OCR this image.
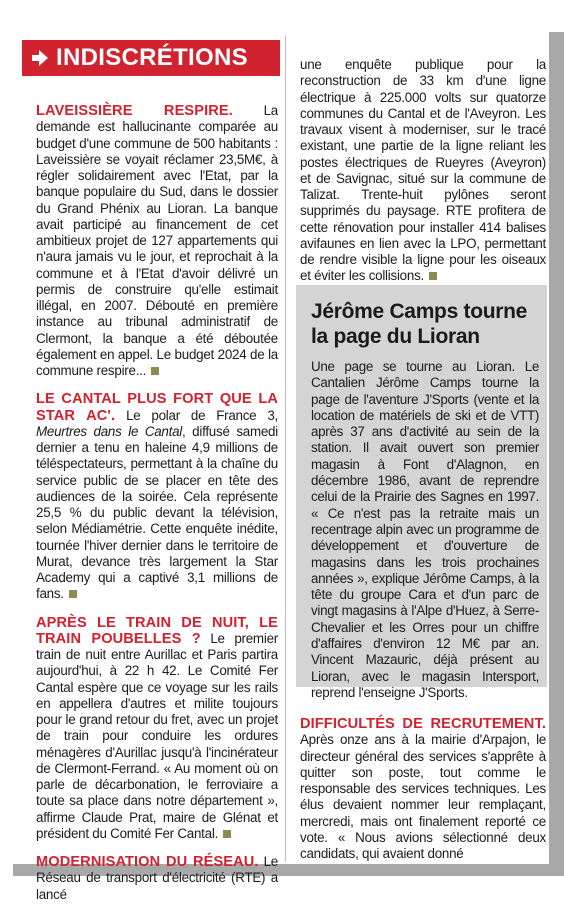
INDISCRÉTIONS

LAVEISSIÈRE RESPIRE. La demande est hallucinante comparée au budget d'une commune de 500 habitants : Laveissière se voyait réclamer 23,5M€, à régler solidairement avec l'Etat, par la banque populaire du Sud, dans le dossier du Grand Phénix au Lioran. La banque avait participé au financement de cet ambitieux projet de 127 appartements qui n'aura jamais vu le jour, et reprochait à la commune et à l'Etat d'avoir délivré un permis de construire qu'elle estimait illégal, en 2007. Débouté en première instance au tribunal administratif de Clermont, la banque a été déboutée également en appel. Le budget 2024 de la commune respire...

LE CANTAL PLUS FORT QUE LA STAR AC'. Le polar de France 3, Meurtres dans le Cantal, diffusé samedi dernier a tenu en haleine 4,9 millions de téléspectateurs, permettant à la chaîne du service public de se placer en tête des audiences de la soirée. Cela représente 25,5 % du public devant la télévision, selon Médiamétrie. Cette enquête inédite, tournée l'hiver dernier dans le territoire de Murat, devance très largement la Star Academy qui a captivé 3,1 millions de fans.

APRÈS LE TRAIN DE NUIT, LE TRAIN POUBELLES ? Le premier train de nuit entre Aurillac et Paris partira aujourd'hui, à 22 h 42. Le Comité Fer Cantal espère que ce voyage sur les rails en appellera d'autres et milite toujours pour le grand retour du fret, avec un projet de train pour conduire les ordures ménagères d'Aurillac jusqu'à l'incinérateur de Clermont-Ferrand. « Au moment où on parle de décarbonation, le ferroviaire a toute sa place dans notre département », affirme Claude Prat, maire de Glénat et président du Comité Fer Cantal.

MODERNISATION DU RÉSEAU. Le Réseau de transport d'électricité (RTE) a lancé

une enquête publique pour la reconstruction de 33 km d'une ligne électrique à 225.000 volts sur quatorze communes du Cantal et de l'Aveyron. Les travaux visent à moderniser, sur le tracé existant, une partie de la ligne reliant les postes électriques de Rueyres (Aveyron) et de Savignac, situé sur la commune de Talizat. Trente-huit pylônes seront supprimés du paysage. RTE profitera de cette rénovation pour installer 414 balises avifaunes en lien avec la LPO, permettant de rendre visible la ligne pour les oiseaux et éviter les collisions.

Jérôme Camps tourne la page du Lioran

Une page se tourne au Lioran. Le Cantalien Jérôme Camps tourne la page de l'aventure J'Sports (vente et la location de matériels de ski et de VTT) après 37 ans d'activité au sein de la station. Il avait ouvert son premier magasin à Font d'Alagnon, en décembre 1986, avant de reprendre celui de la Prairie des Sagnes en 1997. « Ce n'est pas la retraite mais un recentrage alpin avec un programme de développement et d'ouverture de magasins dans les trois prochaines années », explique Jérôme Camps, à la tête du groupe Cara et d'un parc de vingt magasins à l'Alpe d'Huez, à Serre-Chevalier et les Orres pour un chiffre d'affaires d'environ 12 M€ par an. Vincent Mazauric, déjà présent au Lioran, avec le magasin Intersport, reprend l'enseigne J'Sports.

DIFFICULTÉS DE RECRUTEMENT. Après onze ans à la mairie d'Arpajon, le directeur général des services s'apprête à quitter son poste, tout comme le responsable des services techniques. Les élus devaient nommer leur remplaçant, mercredi, mais ont finalement reporté ce vote. « Nous avions sélectionné deux candidats, qui avaient donné
